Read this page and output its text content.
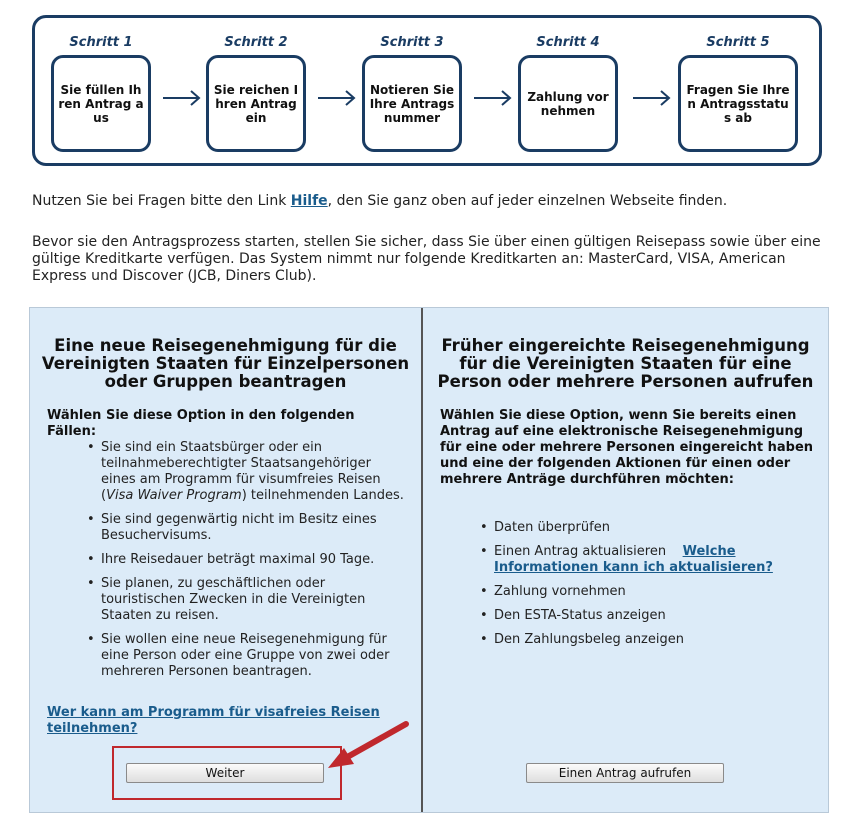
Schritt 1
Sie füllen Ihren Antrag aus
Schritt 2
Sie reichen Ihren Antrag ein
Schritt 3
Notieren Sie Ihre Antragsnummer
Schritt 4
Zahlung vornehmen
Schritt 5
Fragen Sie Ihren Antragsstatus ab
Nutzen Sie bei Fragen bitte den Link Hilfe, den Sie ganz oben auf jeder einzelnen Webseite finden.
Bevor sie den Antragsprozess starten, stellen Sie sicher, dass Sie über einen gültigen Reisepass sowie über eine gültige Kreditkarte verfügen. Das System nimmt nur folgende Kreditkarten an: MasterCard, VISA, American Express und Discover (JCB, Diners Club).
Eine neue Reisegenehmigung für die Vereinigten Staaten für Einzelpersonen oder Gruppen beantragen
Wählen Sie diese Option in den folgenden Fällen:
• Sie sind ein Staatsbürger oder ein teilnahmeberechtigter Staatsangehöriger eines am Programm für visumfreies Reisen (Visa Waiver Program) teilnehmenden Landes.
• Sie sind gegenwärtig nicht im Besitz eines Besuchervisums.
• Ihre Reisedauer beträgt maximal 90 Tage.
• Sie planen, zu geschäftlichen oder touristischen Zwecken in die Vereinigten Staaten zu reisen.
• Sie wollen eine neue Reisegenehmigung für eine Person oder eine Gruppe von zwei oder mehreren Personen beantragen.
Wer kann am Programm für visafreies Reisen teilnehmen?
Weiter
Früher eingereichte Reisegenehmigung für die Vereinigten Staaten für eine Person oder mehrere Personen aufrufen
Wählen Sie diese Option, wenn Sie bereits einen Antrag auf eine elektronische Reisegenehmigung für eine oder mehrere Personen eingereicht haben und eine der folgenden Aktionen für einen oder mehrere Anträge durchführen möchten:
• Daten überprüfen
• Einen Antrag aktualisieren Welche Informationen kann ich aktualisieren?
• Zahlung vornehmen
• Den ESTA-Status anzeigen
• Den Zahlungsbeleg anzeigen
Einen Antrag aufrufen
